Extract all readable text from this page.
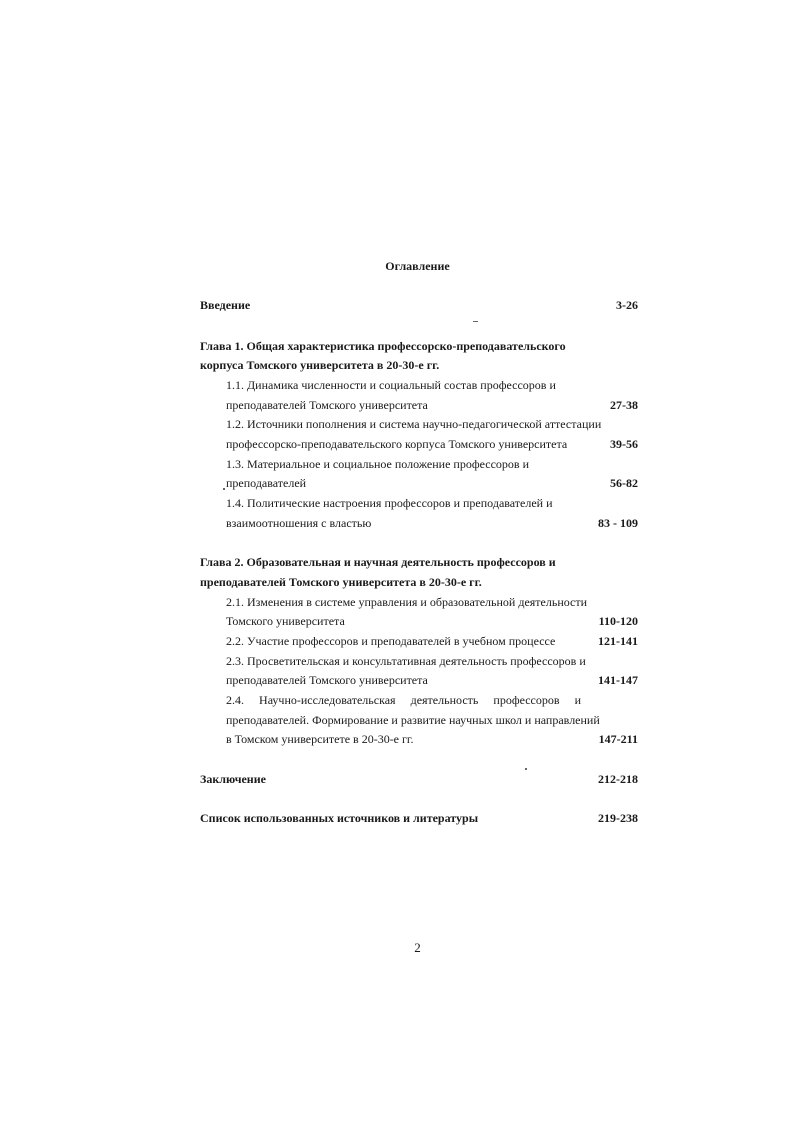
Оглавление
Введение	3-26
Глава 1. Общая характеристика профессорско-преподавательского
корпуса Томского университета в 20-30-е гг.
1.1. Динамика численности и социальный состав профессоров и
преподавателей Томского университета	27-38
1.2. Источники пополнения и система научно-педагогической аттестации
профессорско-преподавательского корпуса Томского университета	39-56
1.3. Материальное и социальное положение профессоров и
преподавателей	56-82
1.4. Политические настроения профессоров и преподавателей и
взаимоотношения с властью	83 - 109
Глава 2. Образовательная и научная деятельность профессоров и
преподавателей Томского университета в 20-30-е гг.
2.1. Изменения в системе управления и образовательной деятельности
Томского университета	110-120
2.2. Участие профессоров и преподавателей в учебном процессе	121-141
2.3. Просветительская и консультативная деятельность профессоров и
преподавателей Томского университета	141-147
2.4. Научно-исследовательская деятельность профессоров и
преподавателей. Формирование и развитие научных школ и направлений
в Томском университете в 20-30-е гг.	147-211
Заключение	212-218
Список использованных источников и литературы	219-238
2
